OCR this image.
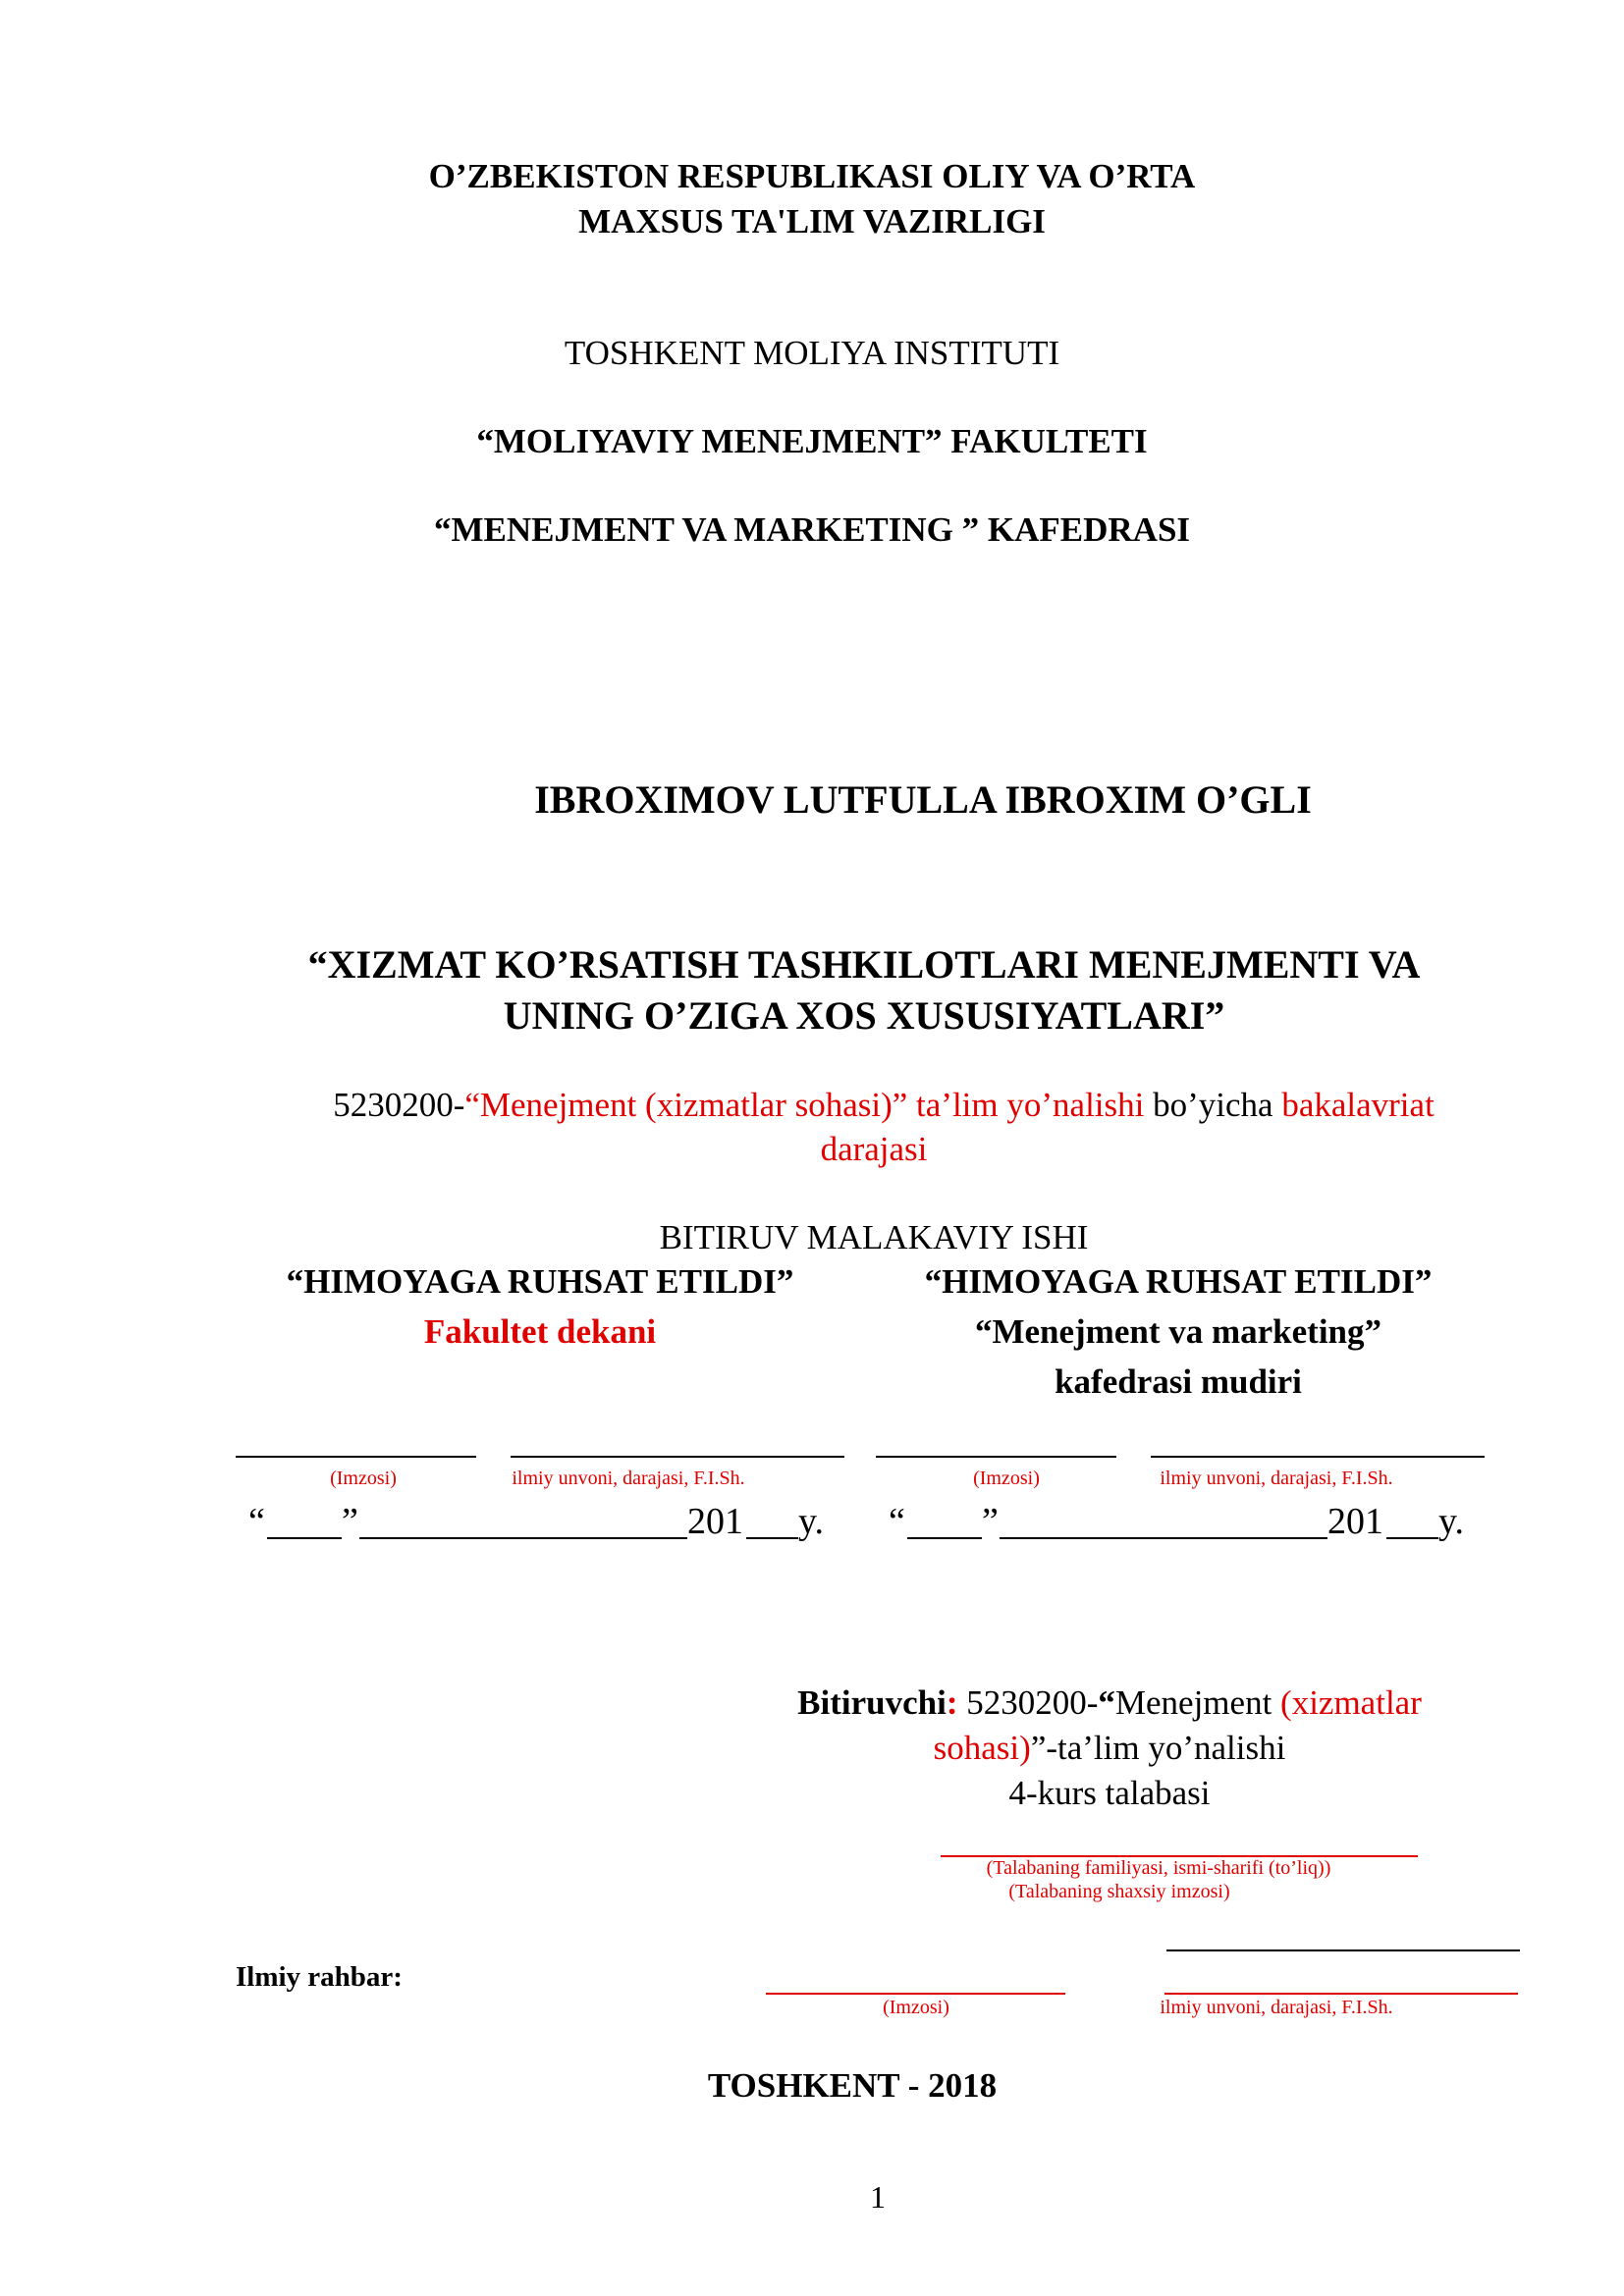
O’ZBEKISTON RESPUBLIKASI OLIY VA O’RTA
MAXSUS TA'LIM VAZIRLIGI
TOSHKENT MOLIYA INSTITUTI
“MOLIYAVIY MENEJMENT” FAKULTETI
“MENEJMENT VA MARKETING ” KAFEDRASI
IBROXIMOV LUTFULLA IBROXIM O’GLI
“XIZMAT KO’RSATISH TASHKILOTLARI MENEJMENTI VA
UNING O’ZIGA XOS XUSUSIYATLARI”
5230200-“Menejment (xizmatlar sohasi)” ta’lim yo’nalishi bo’yicha bakalavriat
darajasi
BITIRUV MALAKAVIY ISHI
“HIMOYAGA RUHSAT ETILDI”
Fakultet dekani
“HIMOYAGA RUHSAT ETILDI”
“Menejment va marketing”
kafedrasi mudiri
(Imzosi)	ilmiy unvoni, darajasi, F.I.Sh.	(Imzosi)	ilmiy unvoni, darajasi, F.I.Sh.
“ ”	201 y. “ ”	201 y.
Bitiruvchi: 5230200-“Menejment (xizmatlar
sohasi)”-ta’lim yo’nalishi
4-kurs talabasi
(Talabaning familiyasi, ismi-sharifi (to’liq))
(Talabaning shaxsiy imzosi)
Ilmiy rahbar:
(Imzosi)	ilmiy unvoni, darajasi, F.I.Sh.
TOSHKENT - 2018
1
